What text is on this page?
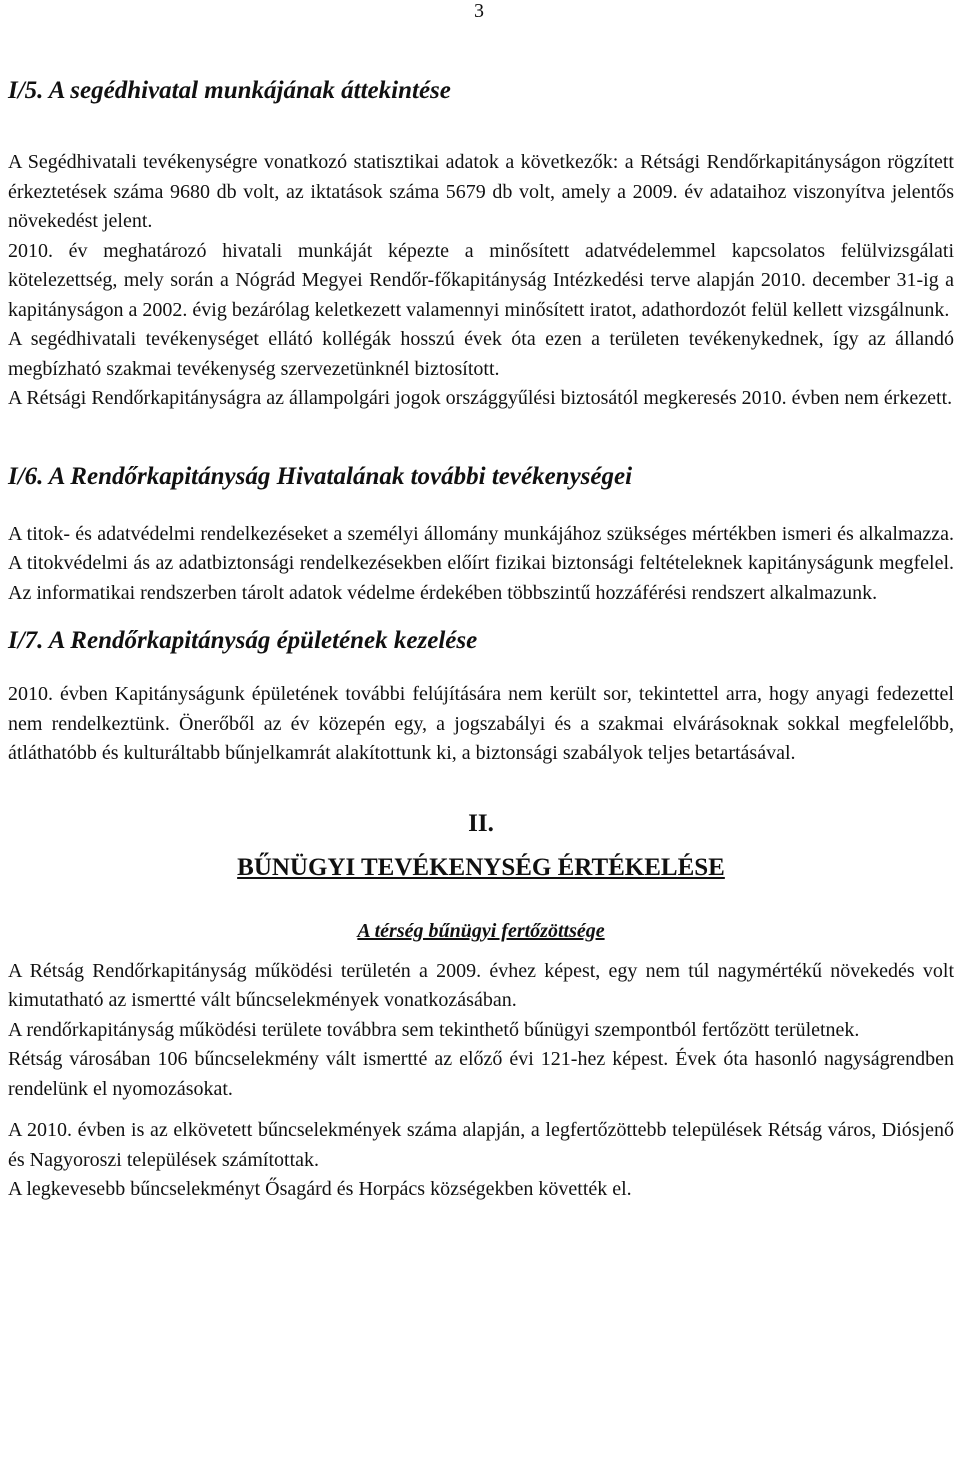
3
I/5. A segédhivatal munkájának áttekintése

A Segédhivatali tevékenységre vonatkozó statisztikai adatok a következők: a Rétsági Rendőrkapitányságon rögzített érkeztetések száma 9680 db volt, az iktatások száma 5679 db volt, amely a 2009. év adataihoz viszonyítva jelentős növekedést jelent.

2010. év meghatározó hivatali munkáját képezte a minősített adatvédelemmel kapcsolatos felülvizsgálati kötelezettség, mely során a Nógrád Megyei Rendőr-főkapitányság Intézkedési terve alapján 2010. december 31-ig a kapitányságon a 2002. évig bezárólag keletkezett valamennyi minősített iratot, adathordozót felül kellett vizsgálnunk.

A segédhivatali tevékenységet ellátó kollégák hosszú évek óta ezen a területen tevékenykednek, így az állandó megbízható szakmai tevékenység szervezetünknél biztosított.

A Rétsági Rendőrkapitányságra az állampolgári jogok országgyűlési biztosától megkeresés 2010. évben nem érkezett.

I/6. A Rendőrkapitányság Hivatalának további tevékenységei

A titok- és adatvédelmi rendelkezéseket a személyi állomány munkájához szükséges mértékben ismeri és alkalmazza. A titokvédelmi ás az adatbiztonsági rendelkezésekben előírt fizikai biztonsági feltételeknek kapitányságunk megfelel. Az informatikai rendszerben tárolt adatok védelme érdekében többszintű hozzáférési rendszert alkalmazunk.

I/7. A Rendőrkapitányság épületének kezelése

2010. évben Kapitányságunk épületének további felújítására nem került sor, tekintettel arra, hogy anyagi fedezettel nem rendelkeztünk. Önerőből az év közepén egy, a jogszabályi és a szakmai elvárásoknak sokkal megfelelőbb, átláthatóbb és kulturáltabb bűnjelkamrát alakítottunk ki, a biztonsági szabályok teljes betartásával.

II.
BŰNÜGYI TEVÉKENYSÉG ÉRTÉKELÉSE
A térség bűnügyi fertőzöttsége

A Rétság Rendőrkapitányság működési területén a 2009. évhez képest, egy nem túl nagymértékű növekedés volt kimutatható az ismertté vált bűncselekmények vonatkozásában.

A rendőrkapitányság működési területe továbbra sem tekinthető bűnügyi szempontból fertőzött területnek.

Rétság városában 106 bűncselekmény vált ismertté az előző évi 121-hez képest. Évek óta hasonló nagyságrendben rendelünk el nyomozásokat.

A 2010. évben is az elkövetett bűncselekmények száma alapján, a legfertőzöttebb települések Rétság város, Diósjenő és Nagyoroszi települések számítottak.

A legkevesebb bűncselekményt Ősagárd és Horpács községekben követték el.
